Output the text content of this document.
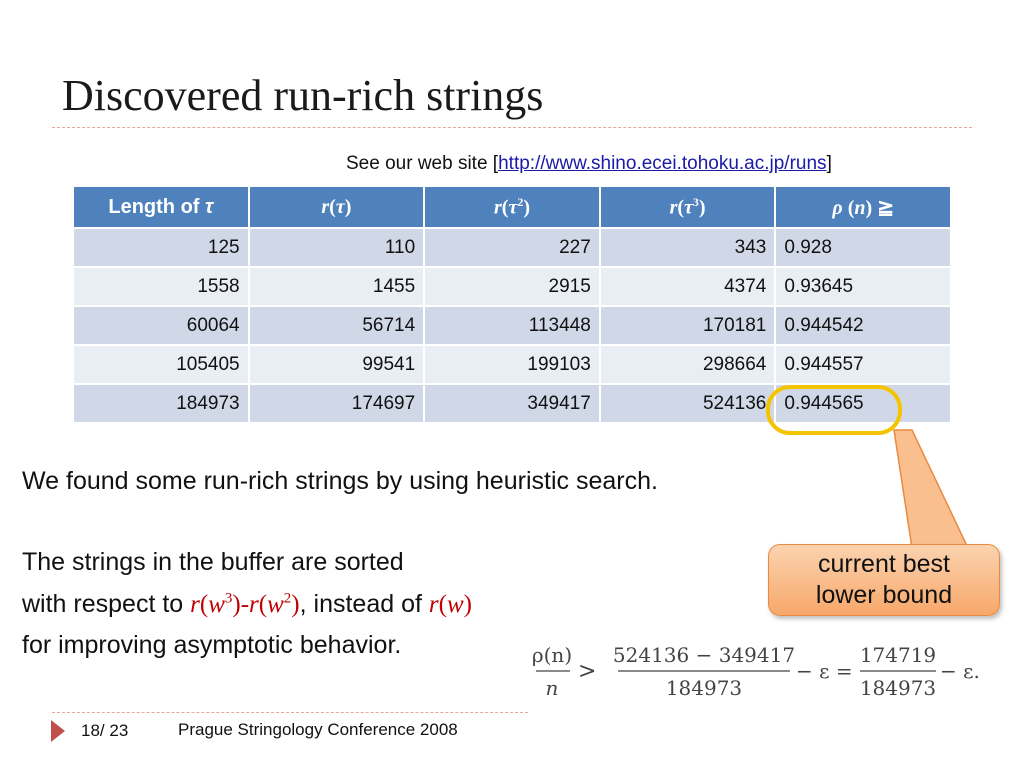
Discovered run-rich strings
See our web site [http://www.shino.ecei.tohoku.ac.jp/runs]
Length of τ	r(τ)	$r(\tau^2)$	$r(\tau^3)$	ρ (n) ≧
125	110	227	343	0.928
1558	1455	2915	4374	0.93645
60064	56714	113448	170181	0.944542
105405	99541	199103	298664	0.944557
184973	174697	349417	524136	0.944565
current best
lower bound
We found some run-rich strings by using heuristic search.
The strings in the buffer are sorted
with respect to $r(w^3)-r(w^2)$, instead of r(w)
for improving asymptotic behavior.	ρ(n)
n
>
524136 − 349417
184973
− ε =
174719
184973
− ε.
18/ 23	Prague Stringology Conference 2008
